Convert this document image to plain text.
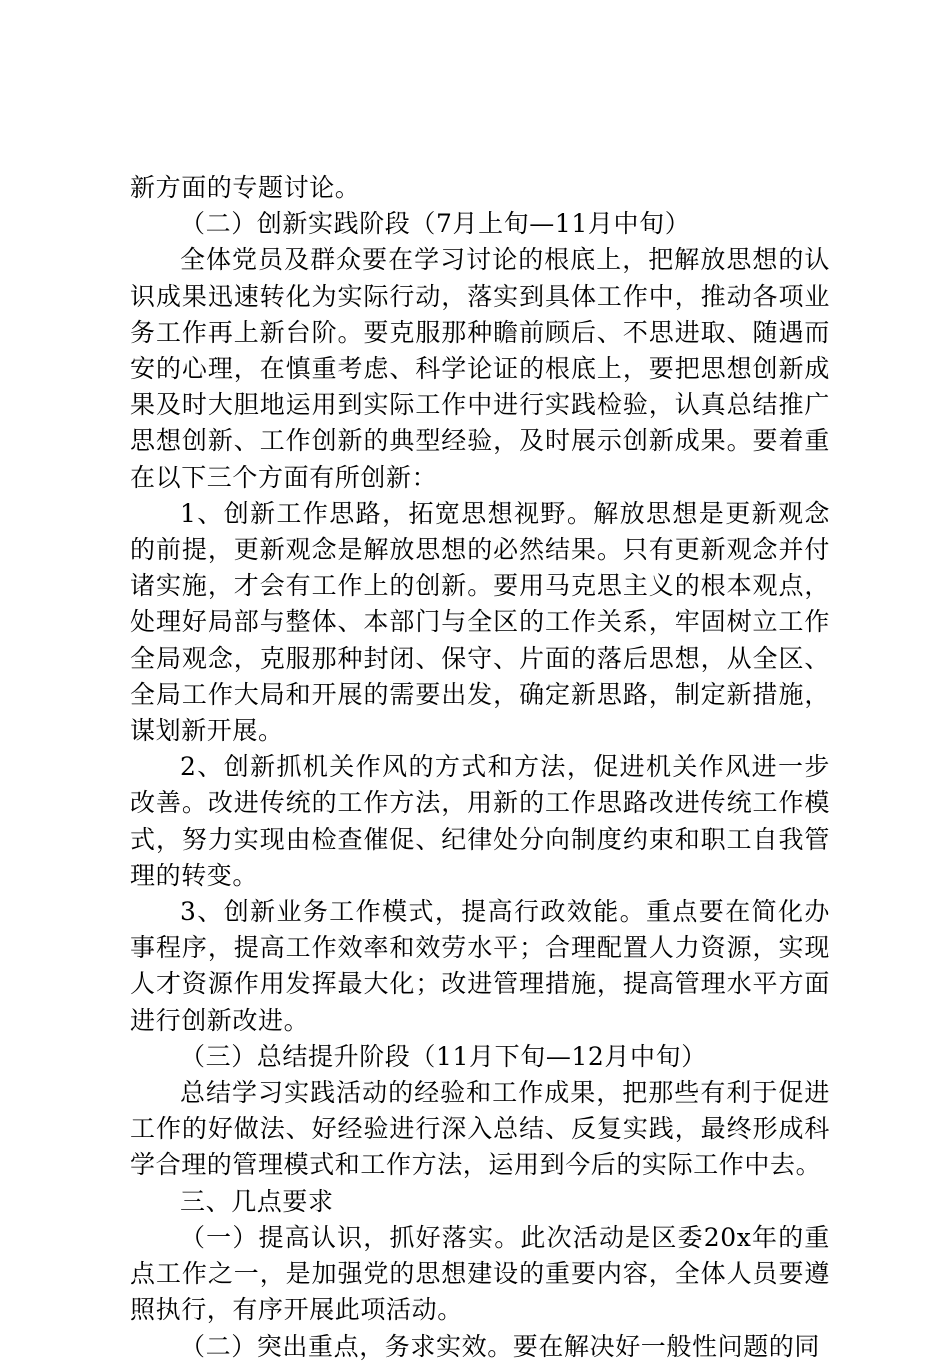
新方面的专题讨论。

（二）创新实践阶段（7月上旬—11月中旬）

全体党员及群众要在学习讨论的根底上，把解放思想的认识成果迅速转化为实际行动，落实到具体工作中，推动各项业务工作再上新台阶。要克服那种瞻前顾后、不思进取、随遇而安的心理，在慎重考虑、科学论证的根底上，要把思想创新成果及时大胆地运用到实际工作中进行实践检验，认真总结推广思想创新、工作创新的典型经验，及时展示创新成果。要着重在以下三个方面有所创新：

1、创新工作思路，拓宽思想视野。解放思想是更新观念的前提，更新观念是解放思想的必然结果。只有更新观念并付诸实施，才会有工作上的创新。要用马克思主义的根本观点，处理好局部与整体、本部门与全区的工作关系，牢固树立工作全局观念，克服那种封闭、保守、片面的落后思想，从全区、全局工作大局和开展的需要出发，确定新思路，制定新措施，谋划新开展。

2、创新抓机关作风的方式和方法，促进机关作风进一步改善。改进传统的工作方法，用新的工作思路改进传统工作模式，努力实现由检查催促、纪律处分向制度约束和职工自我管理的转变。

3、创新业务工作模式，提高行政效能。重点要在简化办事程序，提高工作效率和效劳水平；合理配置人力资源，实现人才资源作用发挥最大化；改进管理措施，提高管理水平方面进行创新改进。

（三）总结提升阶段（11月下旬—12月中旬）

总结学习实践活动的经验和工作成果，把那些有利于促进工作的好做法、好经验进行深入总结、反复实践，最终形成科学合理的管理模式和工作方法，运用到今后的实际工作中去。

三、几点要求

（一）提高认识，抓好落实。此次活动是区委20x年的重点工作之一，是加强党的思想建设的重要内容，全体人员要遵照执行，有序开展此项活动。

（二）突出重点，务求实效。要在解决好一般性问题的同
